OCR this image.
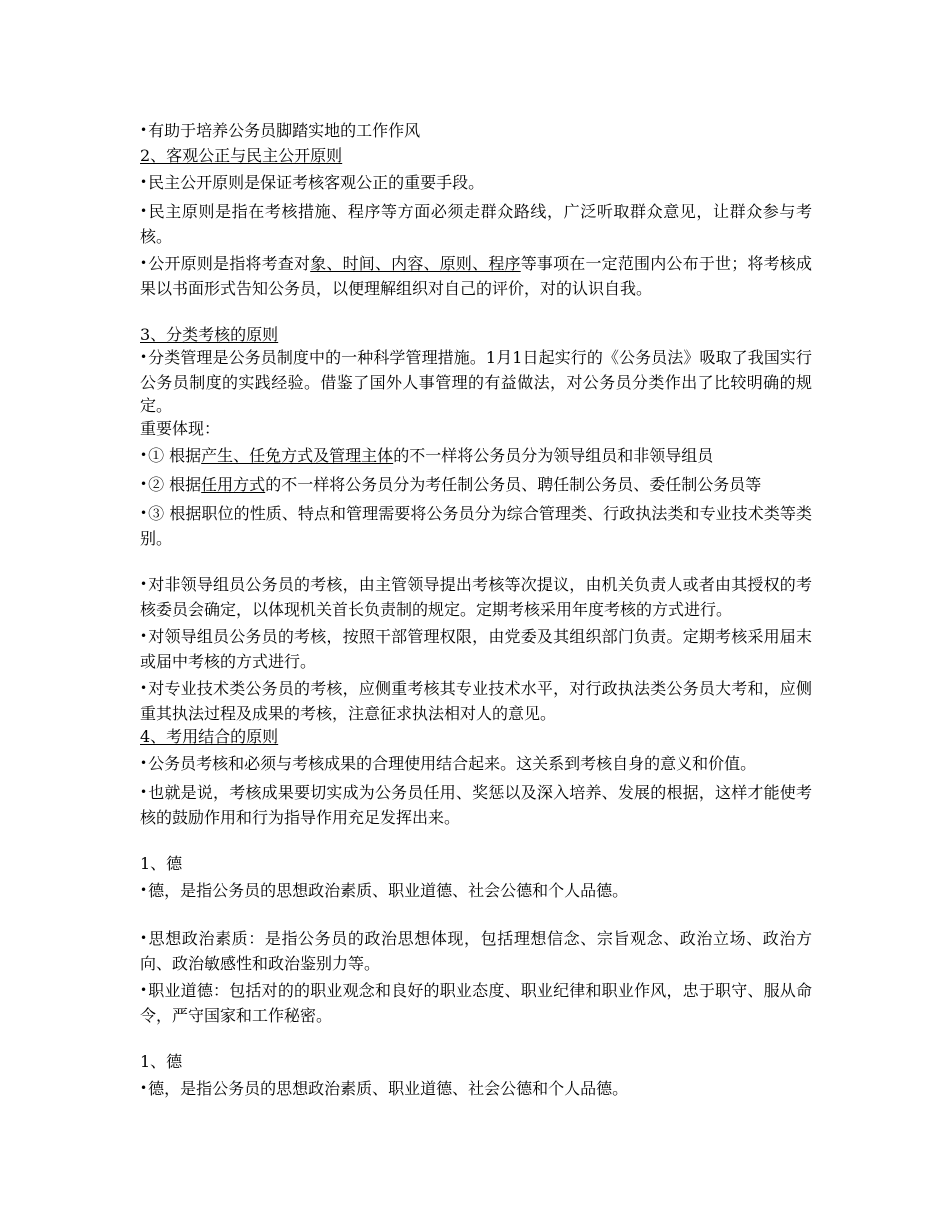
•有助于培养公务员脚踏实地的工作作风

2、客观公正与民主公开原则

•民主公开原则是保证考核客观公正的重要手段。

•民主原则是指在考核措施、程序等方面必须走群众路线，广泛听取群众意见，让群众参与考核。

•公开原则是指将考查对象、时间、内容、原则、程序等事项在一定范围内公布于世；将考核成果以书面形式告知公务员，以便理解组织对自己的评价，对的认识自我。

3、分类考核的原则

•分类管理是公务员制度中的一种科学管理措施。1月1日起实行的《公务员法》吸取了我国实行公务员制度的实践经验。借鉴了国外人事管理的有益做法，对公务员分类作出了比较明确的规定。

重要体现：

•① 根据产生、任免方式及管理主体的不一样将公务员分为领导组员和非领导组员

•② 根据任用方式的不一样将公务员分为考任制公务员、聘任制公务员、委任制公务员等

•③ 根据职位的性质、特点和管理需要将公务员分为综合管理类、行政执法类和专业技术类等类别。

•对非领导组员公务员的考核，由主管领导提出考核等次提议，由机关负责人或者由其授权的考核委员会确定，以体现机关首长负责制的规定。定期考核采用年度考核的方式进行。

•对领导组员公务员的考核，按照干部管理权限，由党委及其组织部门负责。定期考核采用届末或届中考核的方式进行。

•对专业技术类公务员的考核，应侧重考核其专业技术水平，对行政执法类公务员大考和，应侧重其执法过程及成果的考核，注意征求执法相对人的意见。

4、考用结合的原则

•公务员考核和必须与考核成果的合理使用结合起来。这关系到考核自身的意义和价值。

•也就是说，考核成果要切实成为公务员任用、奖惩以及深入培养、发展的根据，这样才能使考核的鼓励作用和行为指导作用充足发挥出来。

1、德

•德，是指公务员的思想政治素质、职业道德、社会公德和个人品德。

•思想政治素质：是指公务员的政治思想体现，包括理想信念、宗旨观念、政治立场、政治方向、政治敏感性和政治鉴别力等。

•职业道德：包括对的的职业观念和良好的职业态度、职业纪律和职业作风，忠于职守、服从命令，严守国家和工作秘密。

1、德

•德，是指公务员的思想政治素质、职业道德、社会公德和个人品德。
